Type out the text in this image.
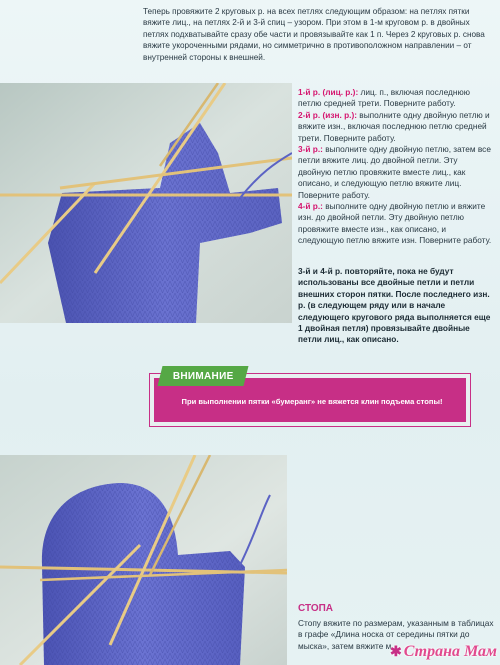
Теперь провяжите 2 круговых р. на всех петлях следующим образом: на петлях пятки вяжите лиц., на петлях 2-й и 3-й спиц – узором. При этом в 1-м круговом р. в двойных петлях подхватывайте сразу обе части и провязывайте как 1 п. Через 2 круговых р. снова вяжите укороченными рядами, но симметрично в противоположном направлении – от внутренней стороны к внешней.

1-й р. (лиц. р.): лиц. п., включая последнюю петлю средней трети. Поверните работу.

2-й р. (изн. р.): выполните одну двойную петлю и вяжите изн., включая последнюю петлю средней трети. Поверните работу.

3-й р.: выполните одну двойную петлю, затем все петли вяжите лиц. до двойной петли. Эту двойную петлю провяжите вместе лиц., как описано, и следующую петлю вяжите лиц. Поверните работу.

4-й р.: выполните одну двойную петлю и вяжите изн. до двойной петли. Эту двойную петлю провяжите вместе изн., как описано, и следующую петлю вяжите изн. Поверните работу.

3-й и 4-й р. повторяйте, пока не будут использованы все двойные петли и петли внешних сторон пятки. После последнего изн. р. (в следующем ряду или в начале следующего кругового ряда выполняется еще 1 двойная петля) провязывайте двойные петли лиц., как описано.
ВНИМАНИЕ
При выполнении пятки «бумеранг» не вяжется клин подъема стопы!
СТОПА
Стопу вяжите по размерам, указанным в таблицах в графе «Длина носка от середины пятки до мыска», затем вяжите м
✱ Страна Мам
